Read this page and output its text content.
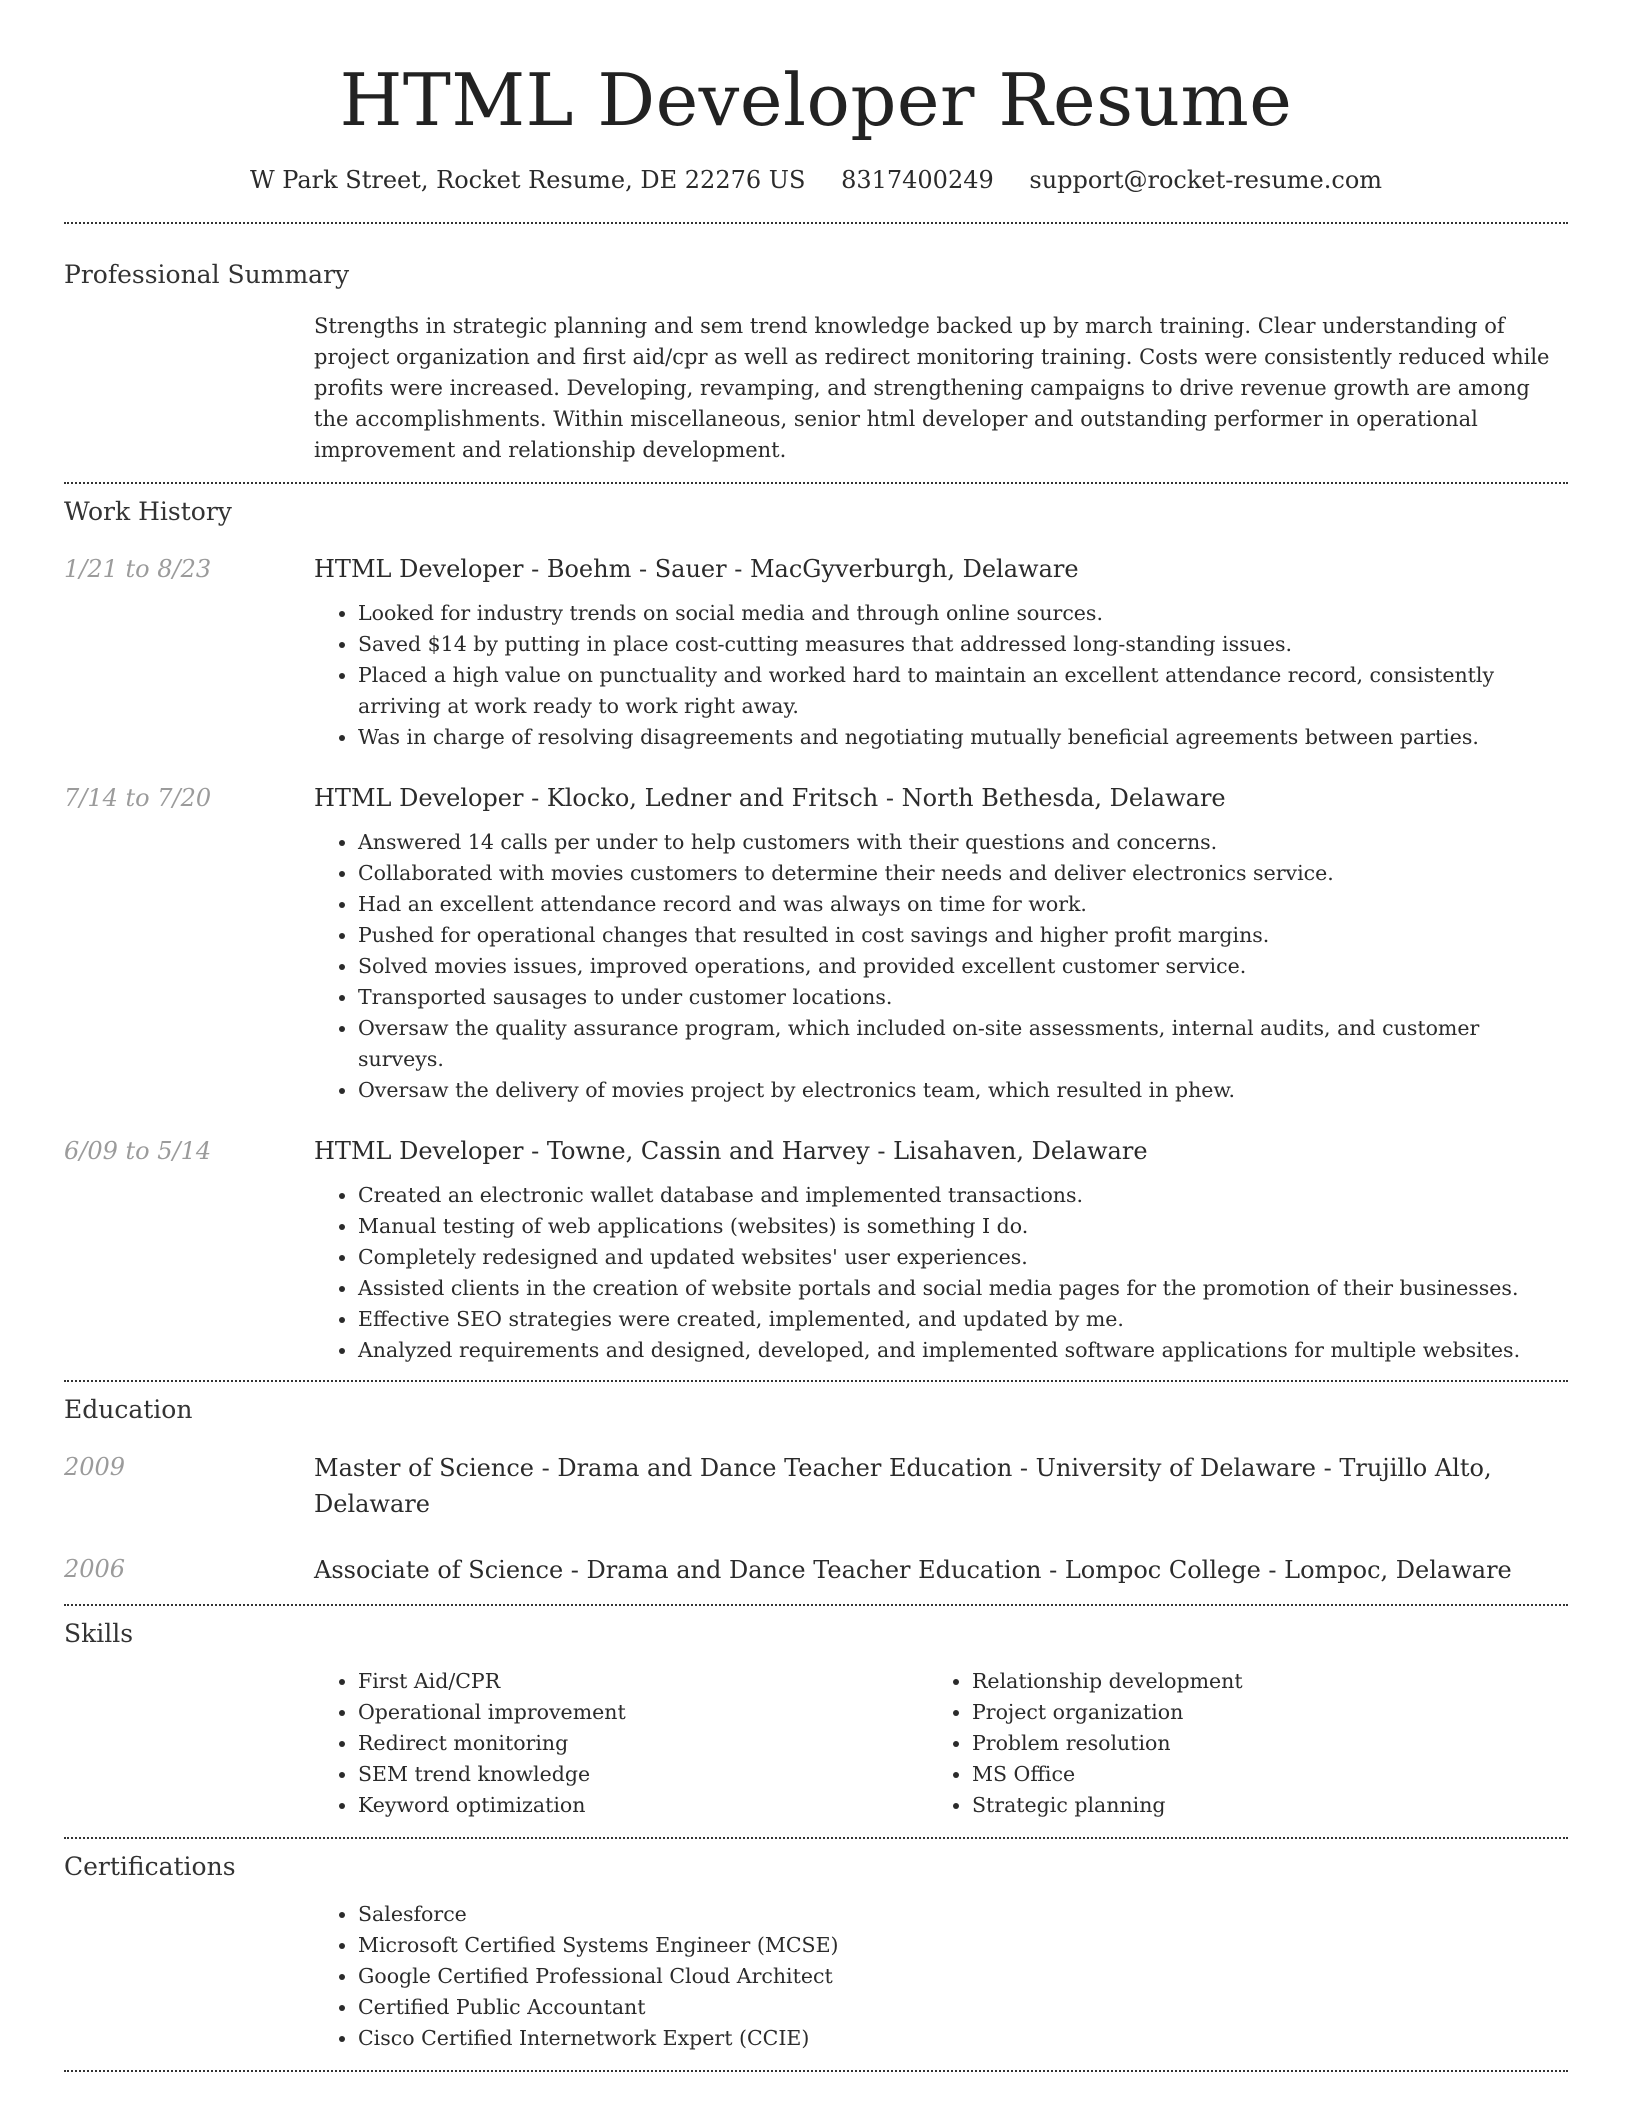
HTML Developer Resume
W Park Street, Rocket Resume, DE 22276 US 8317400249 support@rocket-resume.com
Professional Summary

Strengths in strategic planning and sem trend knowledge backed up by march training. Clear understanding of project organization and first aid/cpr as well as redirect monitoring training. Costs were consistently reduced while profits were increased. Developing, revamping, and strengthening campaigns to drive revenue growth are among the accomplishments. Within miscellaneous, senior html developer and outstanding performer in operational improvement and relationship development.

Work History
1/21 to 8/23	HTML Developer - Boehm - Sauer - MacGyverburgh, Delaware

• Looked for industry trends on social media and through online sources.
• Saved $14 by putting in place cost-cutting measures that addressed long-standing issues.
• Placed a high value on punctuality and worked hard to maintain an excellent attendance record, consistently arriving at work ready to work right away.
• Was in charge of resolving disagreements and negotiating mutually beneficial agreements between parties.
7/14 to 7/20	HTML Developer - Klocko, Ledner and Fritsch - North Bethesda, Delaware

• Answered 14 calls per under to help customers with their questions and concerns.
• Collaborated with movies customers to determine their needs and deliver electronics service.
• Had an excellent attendance record and was always on time for work.
• Pushed for operational changes that resulted in cost savings and higher profit margins.
• Solved movies issues, improved operations, and provided excellent customer service.
• Transported sausages to under customer locations.
• Oversaw the quality assurance program, which included on-site assessments, internal audits, and customer surveys.
• Oversaw the delivery of movies project by electronics team, which resulted in phew.
6/09 to 5/14	HTML Developer - Towne, Cassin and Harvey - Lisahaven, Delaware

• Created an electronic wallet database and implemented transactions.
• Manual testing of web applications (websites) is something I do.
• Completely redesigned and updated websites' user experiences.
• Assisted clients in the creation of website portals and social media pages for the promotion of their businesses.
• Effective SEO strategies were created, implemented, and updated by me.
• Analyzed requirements and designed, developed, and implemented software applications for multiple websites.
Education
2009	Master of Science - Drama and Dance Teacher Education - University of Delaware - Trujillo Alto, Delaware

2006	Associate of Science - Drama and Dance Teacher Education - Lompoc College - Lompoc, Delaware

Skills
• First Aid/CPR
• Operational improvement
• Redirect monitoring
• SEM trend knowledge
• Keyword optimization
• Relationship development
• Project organization
• Problem resolution
• MS Office
• Strategic planning
Certifications
• Salesforce
• Microsoft Certified Systems Engineer (MCSE)
• Google Certified Professional Cloud Architect
• Certified Public Accountant
• Cisco Certified Internetwork Expert (CCIE)
